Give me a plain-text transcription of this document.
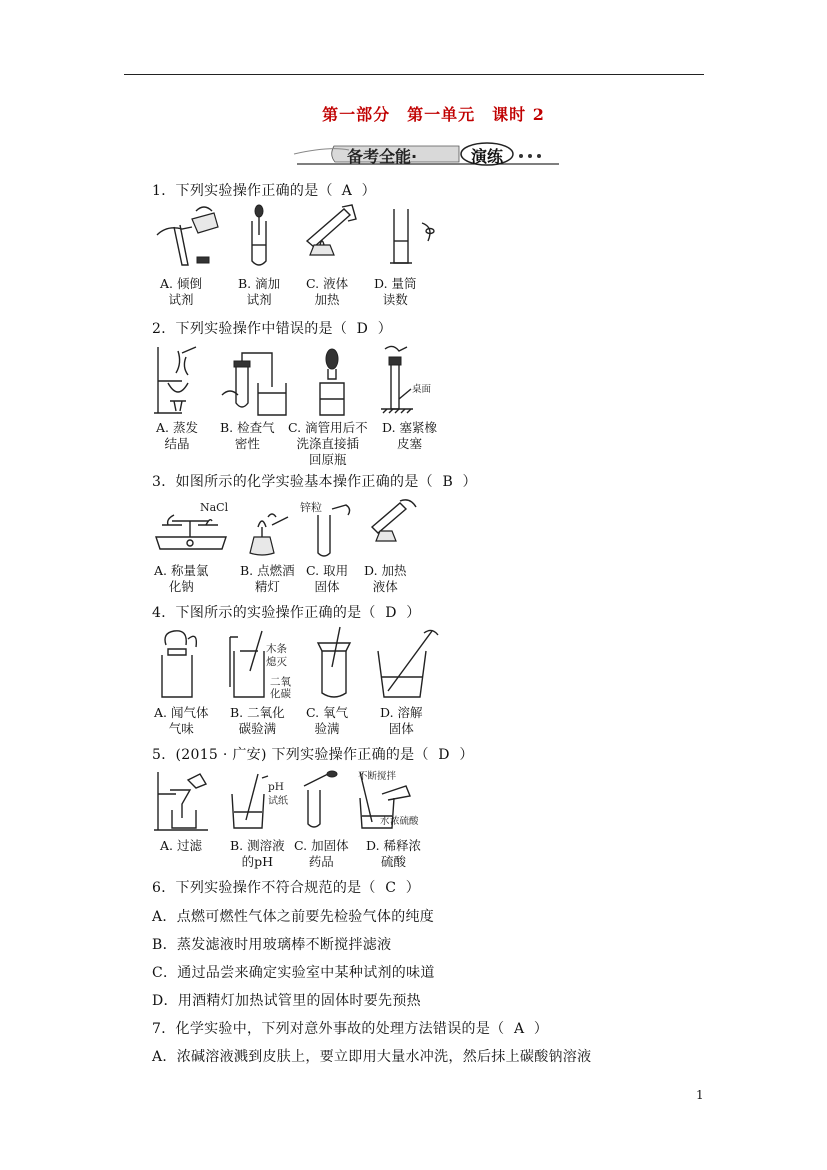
第一部分　第一单元　课时 2
备考全能·	演练
1．下列实验操作正确的是（ A ）
A. 倾倒
试剂
B. 滴加
试剂
C. 液体
加热
D. 量筒
读数
2．下列实验操作中错误的是（ D ）
桌面
A. 蒸发
结晶
B. 检查气
密性
C. 滴管用后不
洗涤直接插
回原瓶
D. 塞紧橡
皮塞
3．如图所示的化学实验基本操作正确的是（ B ）
NaCl	锌粒
A. 称量氯
化钠
B. 点燃酒
精灯
C. 取用
固体
D. 加热
液体
4．下图所示的实验操作正确的是（ D ）
木条
熄灭
二氧
化碳
A. 闻气体
气味
B. 二氧化
碳验满
C. 氧气
验满
D. 溶解
固体
5．(2015 · 广安) 下列实验操作正确的是（ D ）
pH
试纸
不断搅拌
浓硫酸
水
A. 过滤 B. 测溶液
的pH
C. 加固体
药品
D. 稀释浓
硫酸
6．下列实验操作不符合规范的是（ C ）
A．点燃可燃性气体之前要先检验气体的纯度
B．蒸发滤液时用玻璃棒不断搅拌滤液
C．通过品尝来确定实验室中某种试剂的味道
D．用酒精灯加热试管里的固体时要先预热
7．化学实验中，下列对意外事故的处理方法错误的是（ A ）
A．浓碱溶液溅到皮肤上，要立即用大量水冲洗，然后抹上碳酸钠溶液
1
